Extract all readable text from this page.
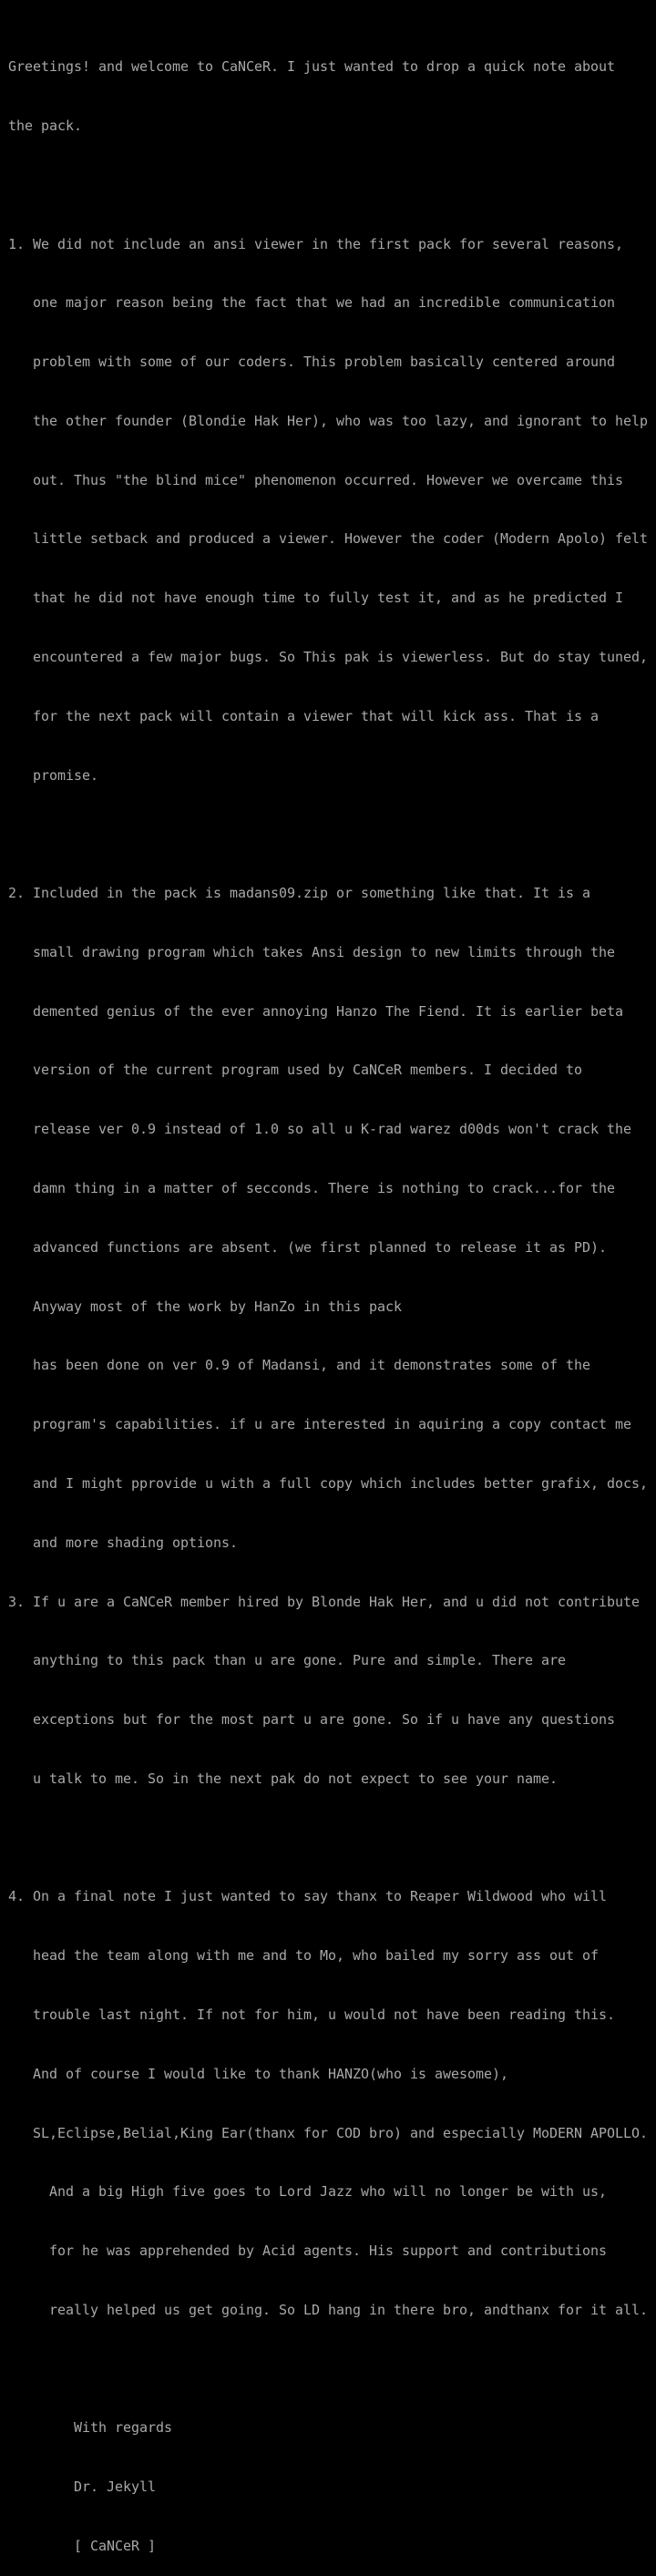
Greetings! and welcome to CaNCeR. I just wanted to drop a quick note about

the pack.

1. We did not include an ansi viewer in the first pack for several reasons,

one major reason being the fact that we had an incredible communication

problem with some of our coders. This problem basically centered around

the other founder (Blondie Hak Her), who was too lazy, and ignorant to help

out. Thus "the blind mice" phenomenon occurred. However we overcame this

little setback and produced a viewer. However the coder (Modern Apolo) felt

that he did not have enough time to fully test it, and as he predicted I

encountered a few major bugs. So This pak is viewerless. But do stay tuned,

for the next pack will contain a viewer that will kick ass. That is a

promise.

2. Included in the pack is madans09.zip or something like that. It is a

small drawing program which takes Ansi design to new limits through the

demented genius of the ever annoying Hanzo The Fiend. It is earlier beta

version of the current program used by CaNCeR members. I decided to

release ver 0.9 instead of 1.0 so all u K-rad warez d00ds won't crack the

damn thing in a matter of secconds. There is nothing to crack...for the

advanced functions are absent. (we first planned to release it as PD).

Anyway most of the work by HanZo in this pack

has been done on ver 0.9 of Madansi, and it demonstrates some of the

program's capabilities. if u are interested in aquiring a copy contact me

and I might pprovide u with a full copy which includes better grafix, docs,

and more shading options.

3. If u are a CaNCeR member hired by Blonde Hak Her, and u did not contribute

anything to this pack than u are gone. Pure and simple. There are

exceptions but for the most part u are gone. So if u have any questions

u talk to me. So in the next pak do not expect to see your name.

4. On a final note I just wanted to say thanx to Reaper Wildwood who will

head the team along with me and to Mo, who bailed my sorry ass out of

trouble last night. If not for him, u would not have been reading this.

And of course I would like to thank HANZO(who is awesome),

SL,Eclipse,Belial,King Ear(thanx for COD bro) and especially MoDERN APOLLO.

And a big High five goes to Lord Jazz who will no longer be with us,

for he was apprehended by Acid agents. His support and contributions

really helped us get going. So LD hang in there bro, andthanx for it all.

With regards

Dr. Jekyll

[ CaNCeR ]
